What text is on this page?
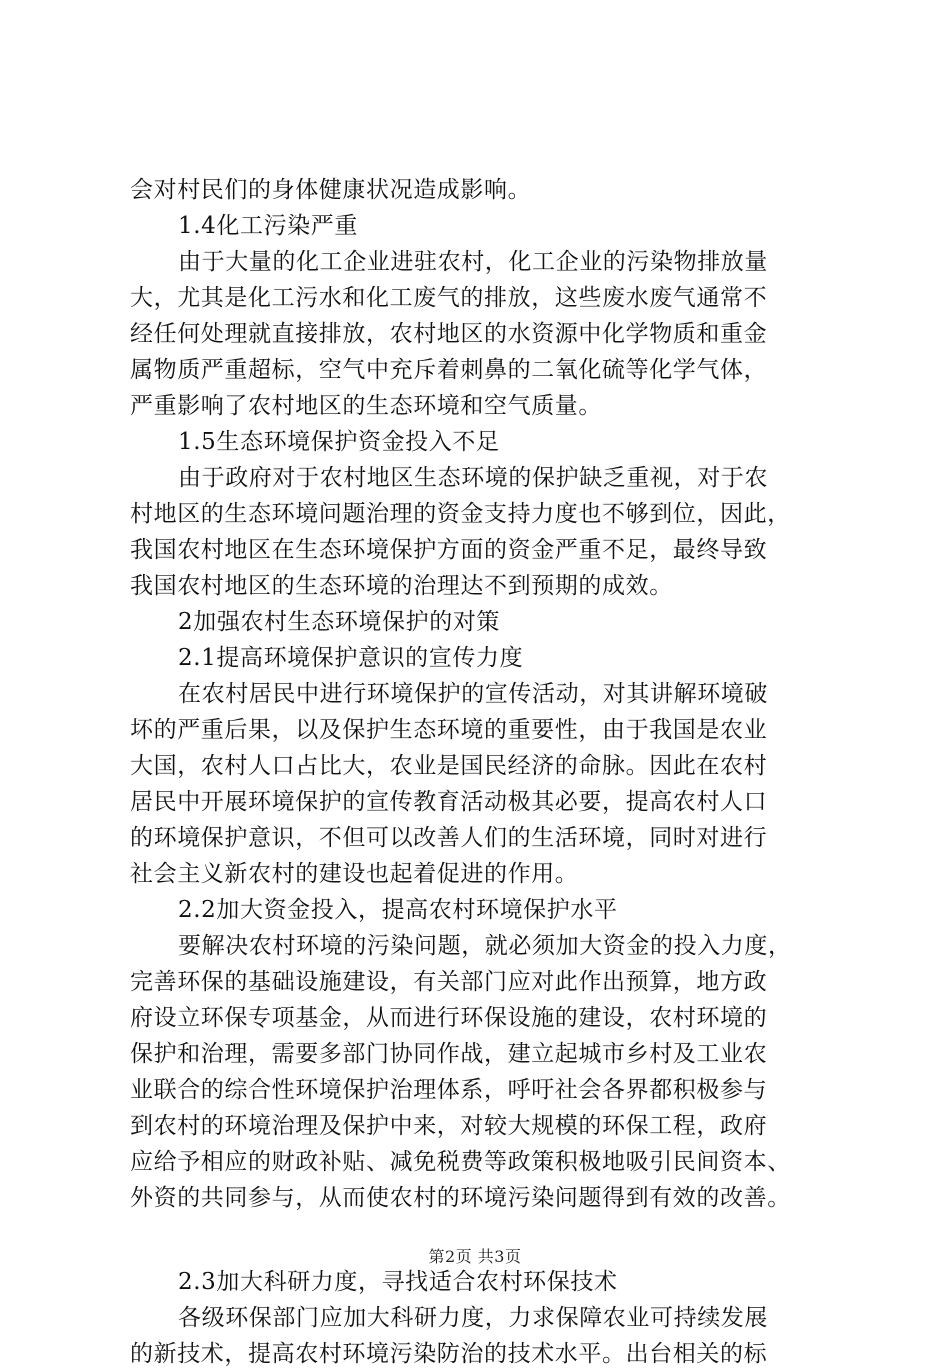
会对村民们的身体健康状况造成影响。
1.4化工污染严重
由于大量的化工企业进驻农村，化工企业的污染物排放量
大，尤其是化工污水和化工废气的排放，这些废水废气通常不
经任何处理就直接排放，农村地区的水资源中化学物质和重金
属物质严重超标，空气中充斥着刺鼻的二氧化硫等化学气体，
严重影响了农村地区的生态环境和空气质量。
1.5生态环境保护资金投入不足
由于政府对于农村地区生态环境的保护缺乏重视，对于农
村地区的生态环境问题治理的资金支持力度也不够到位，因此，
我国农村地区在生态环境保护方面的资金严重不足，最终导致
我国农村地区的生态环境的治理达不到预期的成效。
2加强农村生态环境保护的对策
2.1提高环境保护意识的宣传力度
在农村居民中进行环境保护的宣传活动，对其讲解环境破
坏的严重后果，以及保护生态环境的重要性，由于我国是农业
大国，农村人口占比大，农业是国民经济的命脉。因此在农村
居民中开展环境保护的宣传教育活动极其必要，提高农村人口
的环境保护意识，不但可以改善人们的生活环境，同时对进行
社会主义新农村的建设也起着促进的作用。
2.2加大资金投入，提高农村环境保护水平
要解决农村环境的污染问题，就必须加大资金的投入力度，
完善环保的基础设施建设，有关部门应对此作出预算，地方政
府设立环保专项基金，从而进行环保设施的建设，农村环境的
保护和治理，需要多部门协同作战，建立起城市乡村及工业农
业联合的综合性环境保护治理体系，呼吁社会各界都积极参与
到农村的环境治理及保护中来，对较大规模的环保工程，政府
应给予相应的财政补贴、减免税费等政策积极地吸引民间资本、
外资的共同参与，从而使农村的环境污染问题得到有效的改善。
2.3加大科研力度，寻找适合农村环保技术
各级环保部门应加大科研力度，力求保障农业可持续发展
的新技术，提高农村环境污染防治的技术水平。出台相关的标
第2页 共3页
